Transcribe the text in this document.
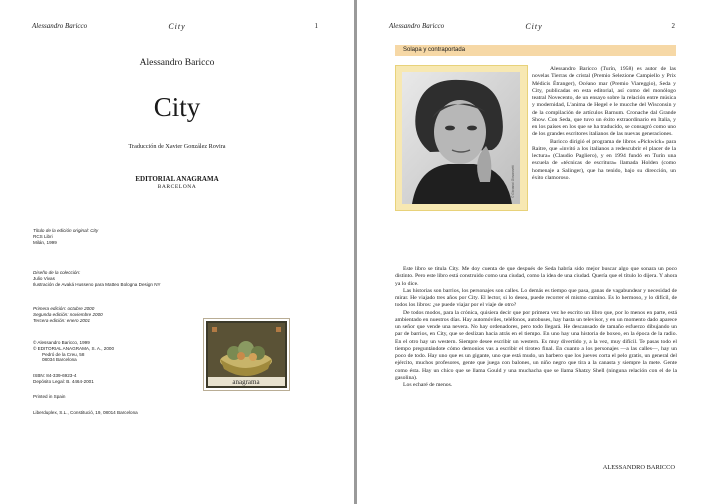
Alessandro Baricco	City	1
Alessandro Baricco
City
Traducción de Xavier González Rovira
EDITORIAL ANAGRAMA
BARCELONA
Título de la edición original: City
RCS Libri
Milán, 1999
Diseño de la colección:
Julio Vivas
Ilustración de Avaká Husseno para Matteo Bologna Design NY
Primera edición: octubre 2000
Segunda edición: noviembre 2000
Tercera edición: enero 2001
© Alessandro Baricco, 1999
© EDITORIAL ANAGRAMA, S. A., 2000
Pedró de la Creu, 58
08034 Barcelona
ISBN: 84-339-6923-4
Depósito Legal: B. 4464-2001
Printed in Spain
Liberduplex, S.L., Constitució, 19, 08014 Barcelona
anagrama
Alessandro Baricco	City	2
Solapa y contraportada
© Giovanni Giovannetti

Alessandro Baricco (Turín, 1958) es autor de las novelas Tierras de cristal (Premio Selezione Campiello y Prix Médicis Étranger), Océano mar (Premio Viareggio), Seda y City, publicadas en esta editorial, así como del monólogo teatral Novecento, de un ensayo sobre la relación entre música y modernidad, L'anima de Hegel e le mucche del Wisconsin y de la compilación de artículos Barnum. Cronache dal Grande Show. Con Seda, que tuvo un éxito extraordinario en Italia, y en los países en los que se ha traducido, se consagró como uno de los grandes escritores italianos de las nuevas generaciones.

Baricco dirigió el programa de libros «Pickwick» para Raitre, que «invitó a los italianos a redescubrir el placer de la lectura» (Claudio Pagliero), y en 1994 fundó en Turín una escuela de «técnicas de escritura» llamada Holden (como homenaje a Salinger), que ha tenido, bajo su dirección, un éxito clamoroso.

Este libro se titula City. Me doy cuenta de que después de Seda habría sido mejor buscar algo que sonara un poco distinto. Pero este libro está construido como una ciudad, como la idea de una ciudad. Quería que el título lo dijera. Y ahora ya lo dice.

Las historias son barrios, los personajes son calles. Lo demás es tiempo que pasa, ganas de vagabundear y necesidad de mirar. He viajado tres años por City. El lector, si lo desea, puede recorrer el mismo camino. Es lo hermoso, y lo difícil, de todos los libros: ¿se puede viajar por el viaje de otro?

De todos modos, para la crónica, quisiera decir que por primera vez he escrito un libro que, por lo menos en parte, está ambientado en nuestros días. Hay automóviles, teléfonos, autobuses, hay hasta un televisor, y en un momento dado aparece un señor que vende una nevera. No hay ordenadores, pero todo llegará. He descansado de tamaño esfuerzo dibujando un par de barrios, en City, que se deslizan hacia atrás en el tiempo. En uno hay una historia de boxeo, en la época de la radio. En el otro hay un western. Siempre desee escribir un western. Es muy divertido y, a la vez, muy difícil. Te pasas todo el tiempo preguntándote cómo demonios vas a escribir el tiroteo final. En cuanto a los personajes —a las calles—, hay un poco de todo. Hay uno que es un gigante, uno que está mudo, un barbero que los jueves corta el pelo gratis, un general del ejército, muchos profesores, gente que juega con balones, un niño negro que tira a la canasta y siempre la mete. Gente como ésta. Hay un chico que se llama Gould y una muchacha que se llama Shatzy Shell (ninguna relación con el de la gasolina).

Los echaré de menos.

ALESSANDRO BARICCO
